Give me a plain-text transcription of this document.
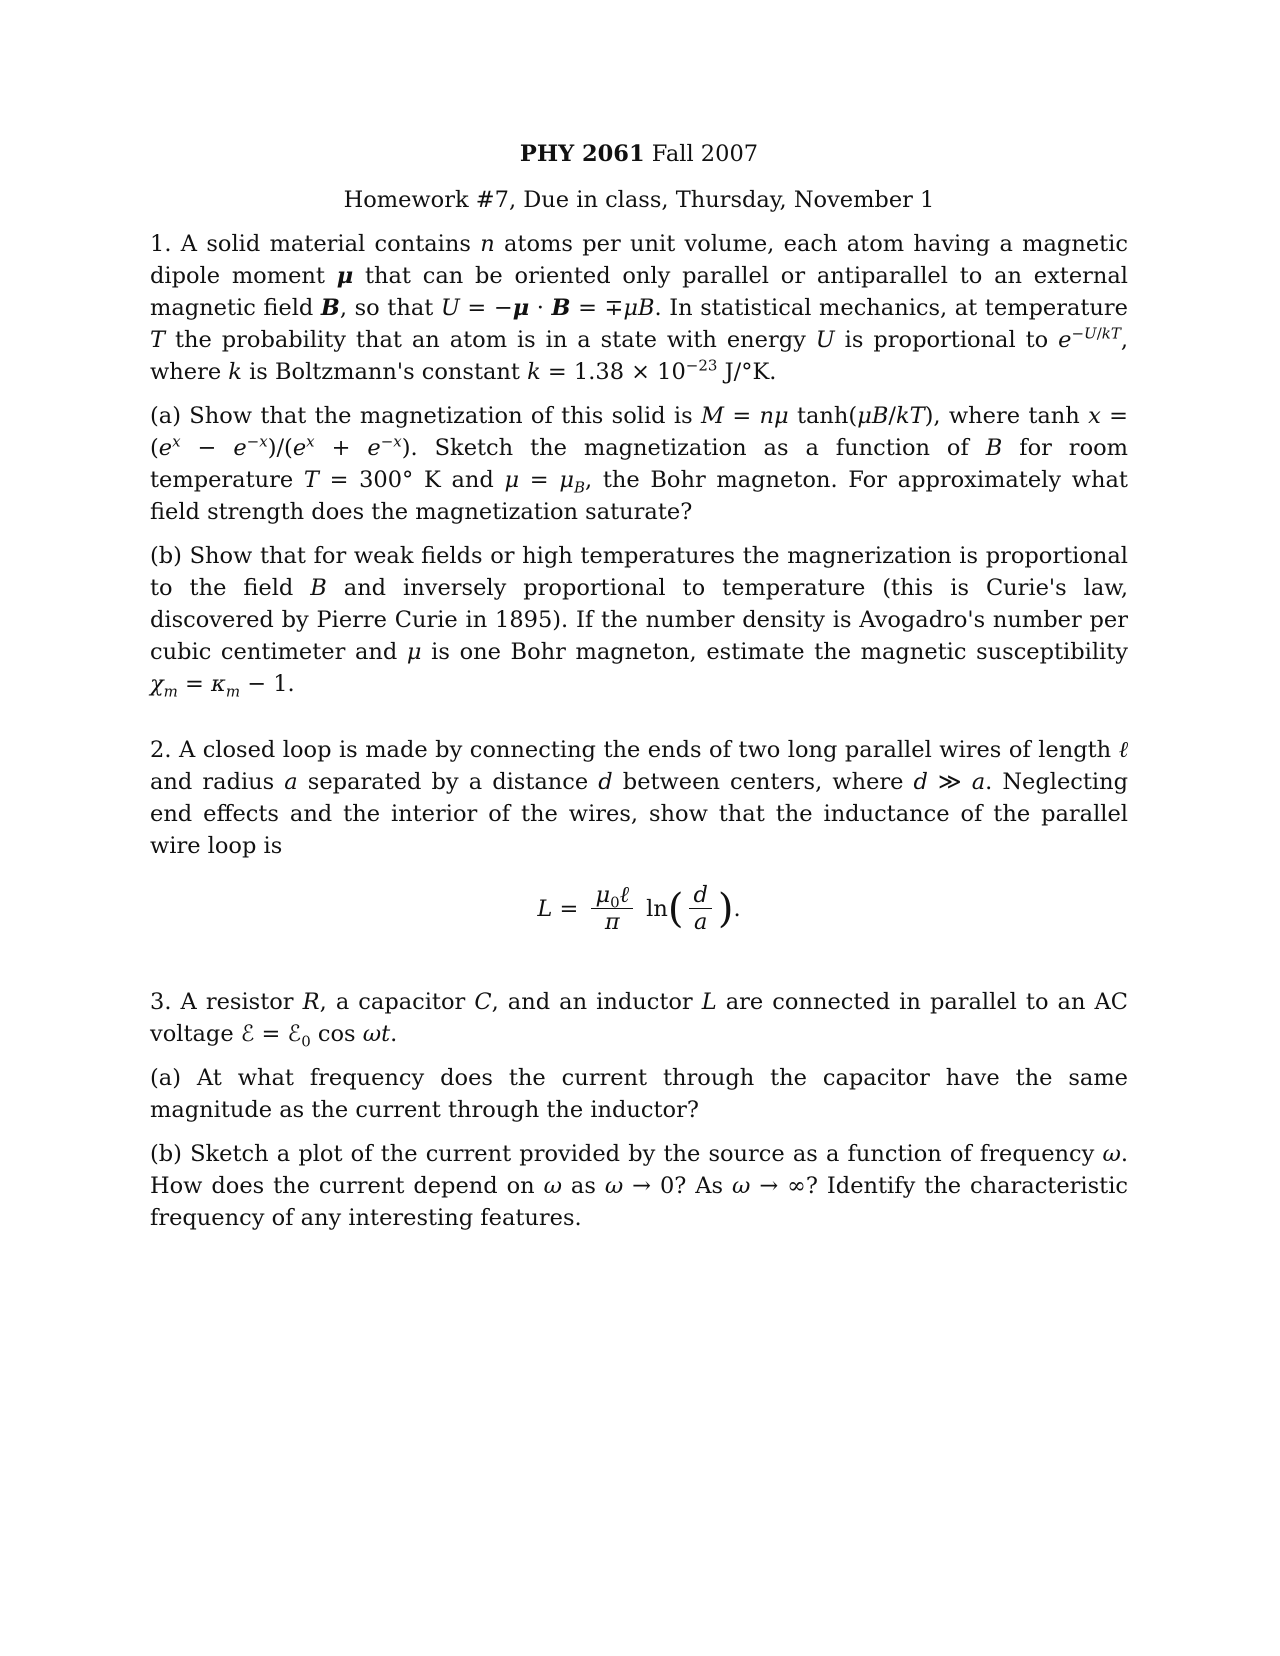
PHY 2061 Fall 2007
Homework #7, Due in class, Thursday, November 1

1. A solid material contains n atoms per unit volume, each atom having a magnetic dipole moment μ that can be oriented only parallel or antiparallel to an external magnetic field B, so that U = −μ · B = ∓μB. In statistical mechanics, at temperature T the probability that an atom is in a state with energy U is proportional to $e^{-U/kT}$, where k is Boltzmann's constant $k = 1.38 \times 10^{-23}$ J/°K.

(a) Show that the magnetization of this solid is M = nμ tanh(μB/kT), where $\tanh x = (e^x - e^{-x})/(e^x + e^{-x})$. Sketch the magnetization as a function of B for room temperature T = 300° K and $\mu = \mu_B$, the Bohr magneton. For approximately what field strength does the magnetization saturate?

(b) Show that for weak fields or high temperatures the magnerization is proportional to the field B and inversely proportional to temperature (this is Curie's law, discovered by Pierre Curie in 1895). If the number density is Avogadro's number per cubic centimeter and μ is one Bohr magneton, estimate the magnetic susceptibility $\chi_m = \kappa_m - 1$.

2. A closed loop is made by connecting the ends of two long parallel wires of length ℓ and radius a separated by a distance d between centers, where d ≫ a. Neglecting end effects and the interior of the wires, show that the inductance of the parallel wire loop is

$L = \frac{\mu_0\ell}{\pi}$ ln ( $\frac{d}{a}$ ) .

3. A resistor R, a capacitor C, and an inductor L are connected in parallel to an AC voltage ℰ = ℰ$_0$ cos ωt.

(a) At what frequency does the current through the capacitor have the same magnitude as the current through the inductor?

(b) Sketch a plot of the current provided by the source as a function of frequency ω. How does the current depend on ω as ω → 0? As ω → ∞? Identify the characteristic frequency of any interesting features.
